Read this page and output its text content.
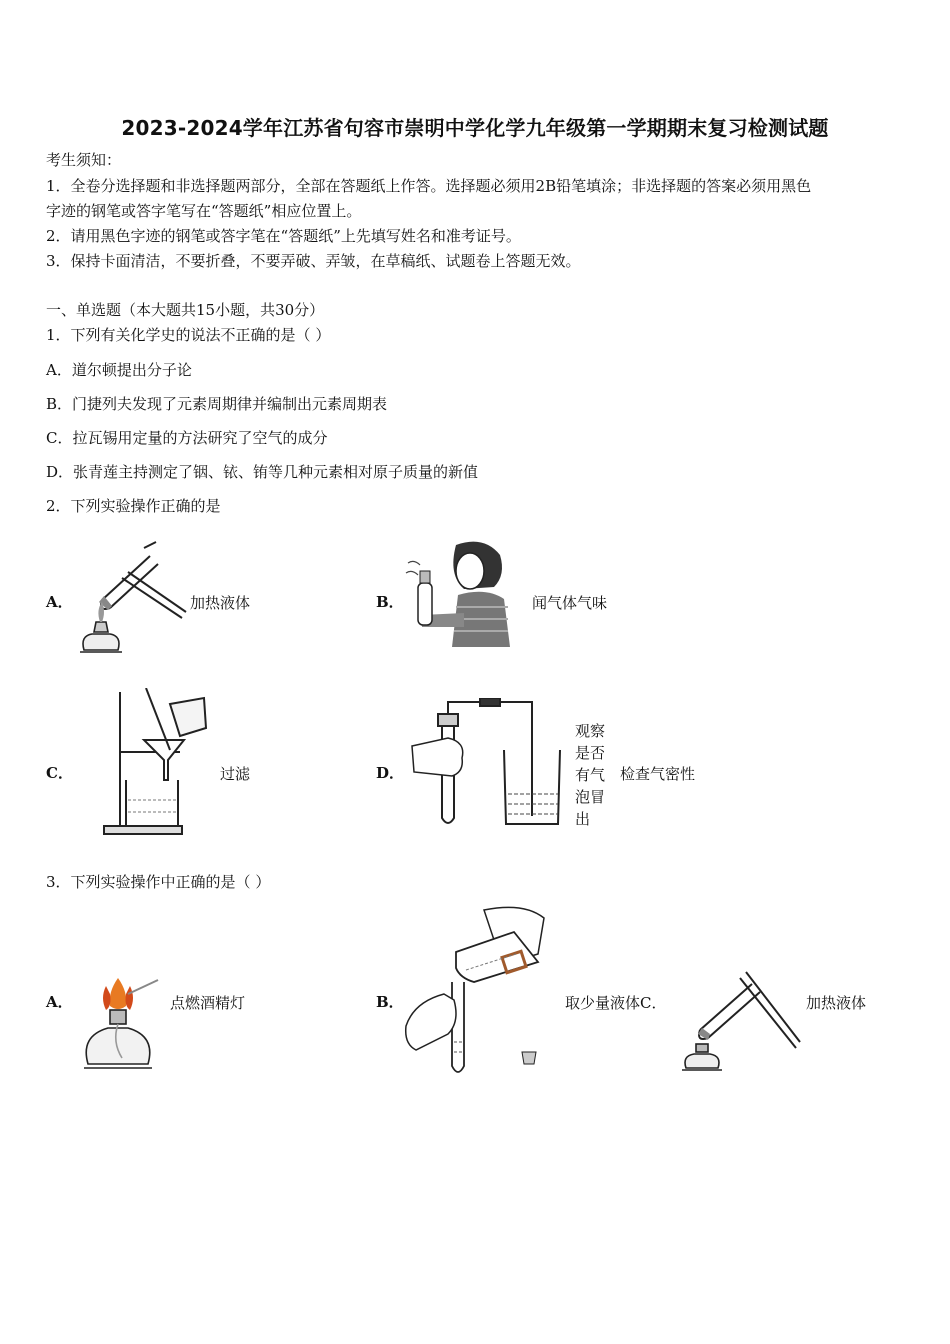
2023-2024学年江苏省句容市崇明中学化学九年级第一学期期末复习检测试题
考生须知：
1．全卷分选择题和非选择题两部分，全部在答题纸上作答。选择题必须用2B铅笔填涂；非选择题的答案必须用黑色
字迹的钢笔或答字笔写在“答题纸”相应位置上。
2．请用黑色字迹的钢笔或答字笔在“答题纸”上先填写姓名和准考证号。
3．保持卡面清洁，不要折叠，不要弄破、弄皱，在草稿纸、试题卷上答题无效。
一、单选题（本大题共15小题，共30分）
1．下列有关化学史的说法不正确的是（ ）
A．道尔顿提出分子论
B．门捷列夫发现了元素周期律并编制出元素周期表
C．拉瓦锡用定量的方法研究了空气的成分
D．张青莲主持测定了铟、铱、铕等几种元素相对原子质量的新值
2．下列实验操作正确的是
A．	加热液体	B．	闻气体气味
C．	过滤	D．
观察
是否
有气
泡冒
出
检查气密性
3．下列实验操作中正确的是（ ）
A．	点燃酒精灯	B．	取少量液体C．	加热液体
